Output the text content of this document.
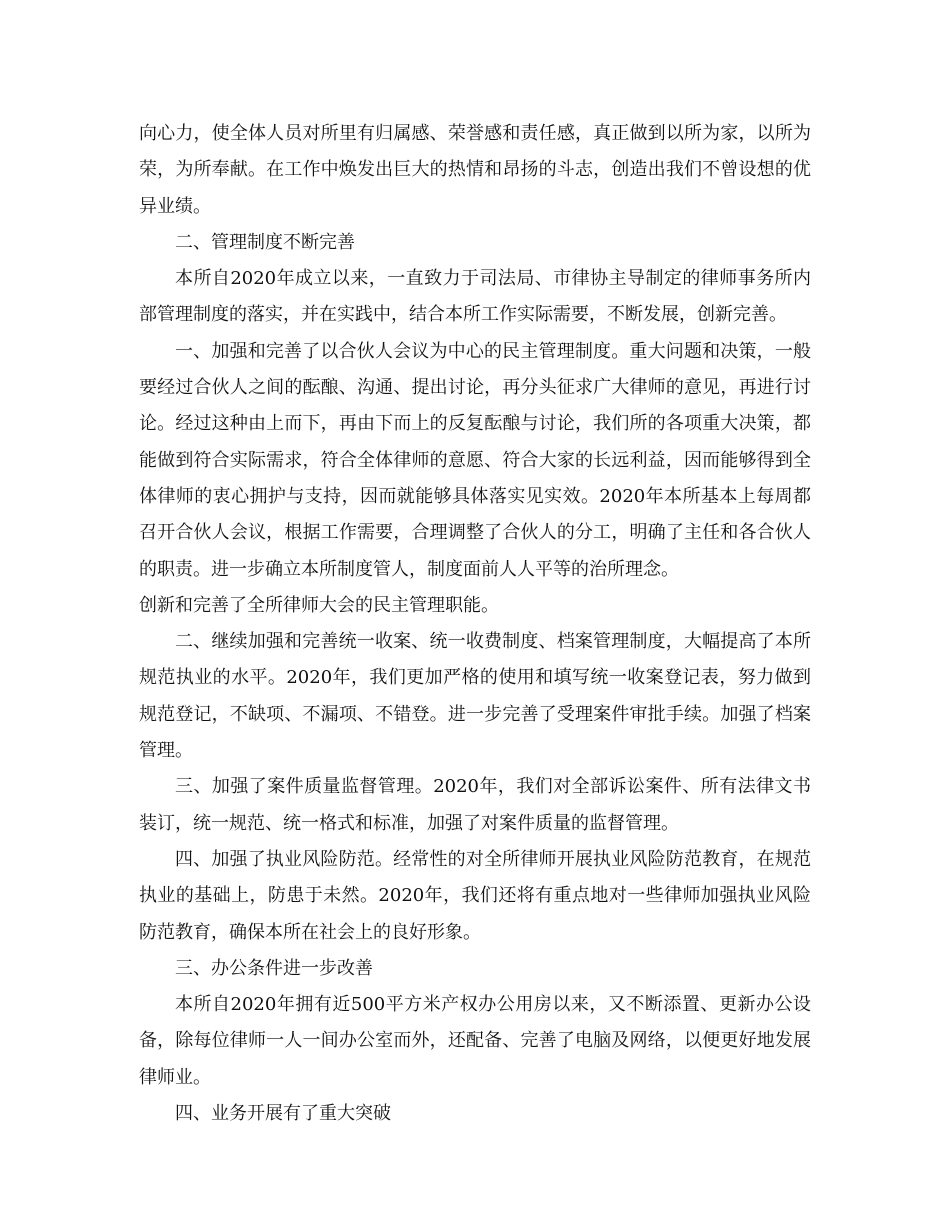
向心力，使全体人员对所里有归属感、荣誉感和责任感，真正做到以所为家，以所为荣，为所奉献。在工作中焕发出巨大的热情和昂扬的斗志，创造出我们不曾设想的优异业绩。

二、管理制度不断完善

本所自2020年成立以来，一直致力于司法局、市律协主导制定的律师事务所内部管理制度的落实，并在实践中，结合本所工作实际需要，不断发展，创新完善。

一、加强和完善了以合伙人会议为中心的民主管理制度。重大问题和决策，一般要经过合伙人之间的酝酿、沟通、提出讨论，再分头征求广大律师的意见，再进行讨论。经过这种由上而下，再由下而上的反复酝酿与讨论，我们所的各项重大决策，都能做到符合实际需求，符合全体律师的意愿、符合大家的长远利益，因而能够得到全体律师的衷心拥护与支持，因而就能够具体落实见实效。2020年本所基本上每周都召开合伙人会议，根据工作需要，合理调整了合伙人的分工，明确了主任和各合伙人的职责。进一步确立本所制度管人，制度面前人人平等的治所理念。

创新和完善了全所律师大会的民主管理职能。

二、继续加强和完善统一收案、统一收费制度、档案管理制度，大幅提高了本所规范执业的水平。2020年，我们更加严格的使用和填写统一收案登记表，努力做到规范登记，不缺项、不漏项、不错登。进一步完善了受理案件审批手续。加强了档案管理。

三、加强了案件质量监督管理。2020年，我们对全部诉讼案件、所有法律文书装订，统一规范、统一格式和标准，加强了对案件质量的监督管理。

四、加强了执业风险防范。经常性的对全所律师开展执业风险防范教育，在规范执业的基础上，防患于未然。2020年，我们还将有重点地对一些律师加强执业风险防范教育，确保本所在社会上的良好形象。

三、办公条件进一步改善

本所自2020年拥有近500平方米产权办公用房以来，又不断添置、更新办公设备，除每位律师一人一间办公室而外，还配备、完善了电脑及网络，以便更好地发展律师业。

四、业务开展有了重大突破
